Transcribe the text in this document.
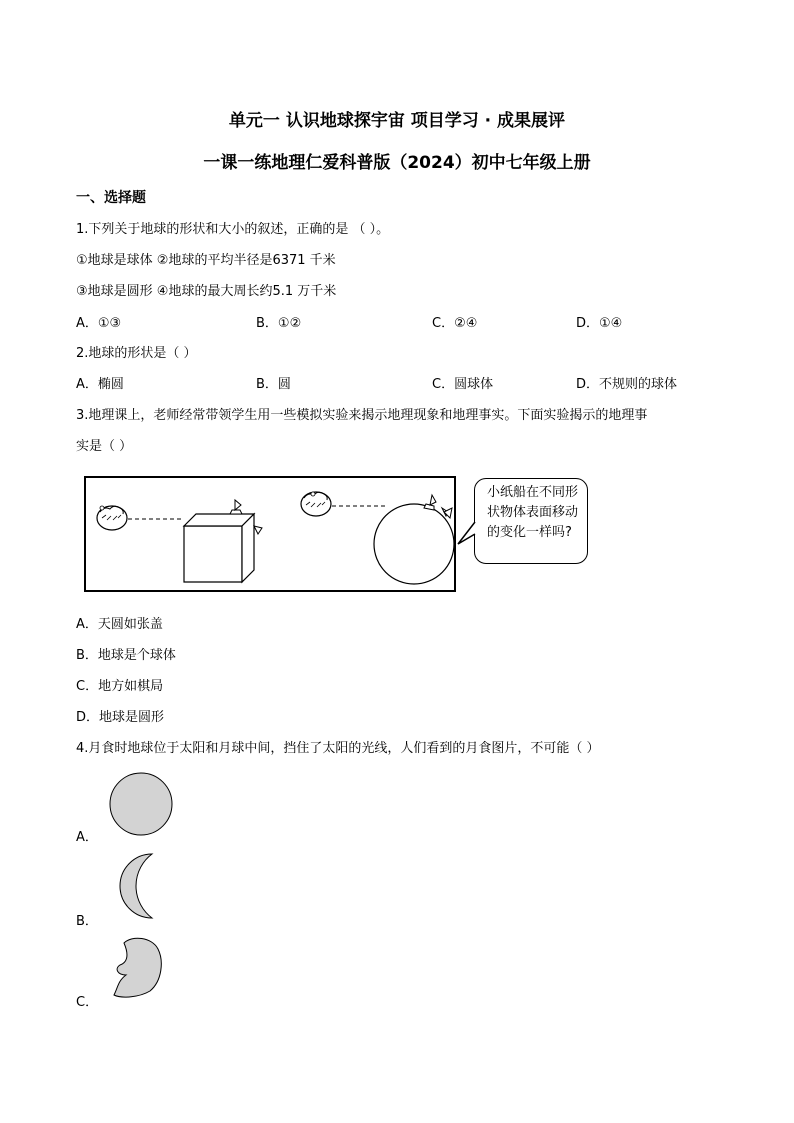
单元一 认识地球探宇宙 项目学习 · 成果展评
一课一练地理仁爱科普版（2024）初中七年级上册
一、选择题
1.下列关于地球的形状和大小的叙述，正确的是 （ ）。
①地球是球体 ②地球的平均半径是6371 千米
③地球是圆形 ④地球的最大周长约5.1 万千米
A．①③	B．①②	C．②④	D．①④
2.地球的形状是（ ）
A．椭圆	B．圆	C．圆球体	D．不规则的球体
3.地理课上，老师经常带领学生用一些模拟实验来揭示地理现象和地理事实。下面实验揭示的地理事
实是（ ）
小纸船在不同形状物体表面移动的变化一样吗?
A．天圆如张盖
B．地球是个球体
C．地方如棋局
D．地球是圆形
4.月食时地球位于太阳和月球中间，挡住了太阳的光线，人们看到的月食图片，不可能（ ）
A．
B．
C．
